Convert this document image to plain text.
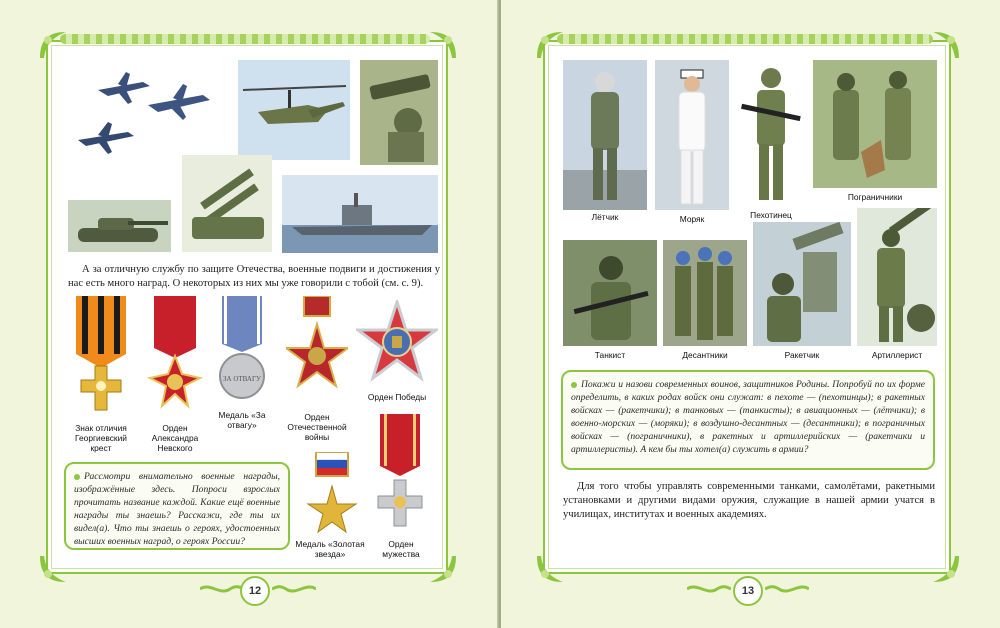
А за отличную службу по защите Отечества, военные подвиги и достижения у нас есть много наград. О некоторых из них мы уже говорили с тобой (см. с. 9).
ЗА ОТВАГУ
Знак отличия Георгиевский крест
Орден Александра Невского
Медаль «За отвагу»
Орден Отечественной войны
Орден Победы
Медаль «Золотая звезда»
Орден мужества
Рассмотри внимательно военные награды, изображённые здесь. Попроси взрослых прочитать название каждой. Какие ещё военные награды ты знаешь? Расскажи, где ты их видел(а). Что ты знаешь о героях, удостоенных высших военных наград, о героях России?
12
Лётчик	Моряк	Пехотинец
Пограничники
Танкист	Десантники	Ракетчик	Артиллерист
Покажи и назови современных воинов, защитников Родины. Попробуй по их форме определить, в каких родах войск они служат: в пехоте — (пехотинцы); в ракетных войсках — (ракетчики); в танковых — (танкисты); в авиационных — (лётчики); в военно-морских — (моряки); в воздушно-десантных — (десантники); в пограничных войсках — (пограничники), в ракетных и артиллерийских — (ракетчики и артиллеристы). А кем бы ты хотел(а) служить в армии?
Для того чтобы управлять современными танками, самолётами, ракетными установками и другими видами оружия, служащие в нашей армии учатся в училищах, институтах и военных академиях.
13
